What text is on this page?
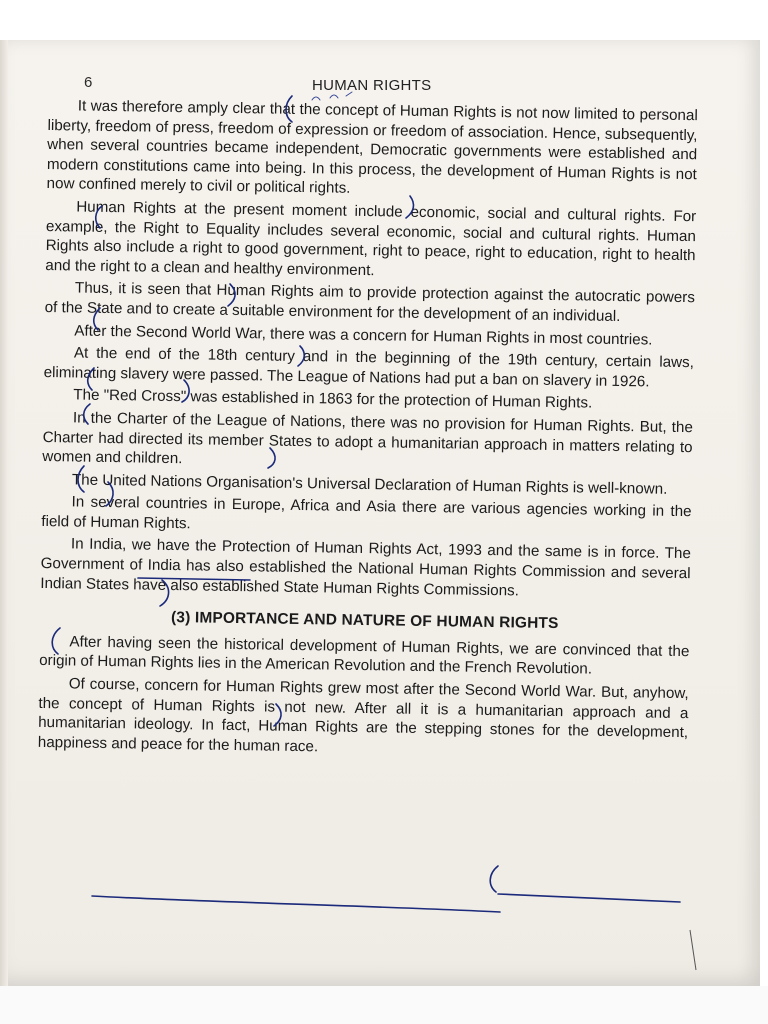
6	HUMAN RIGHTS

It was therefore amply clear that the concept of Human Rights is not now limited to personal liberty, freedom of press, freedom of expression or freedom of association. Hence, subsequently, when several countries became independent, Democratic governments were established and modern constitutions came into being. In this process, the development of Human Rights is not now confined merely to civil or political rights.

Human Rights at the present moment include economic, social and cultural rights. For example, the Right to Equality includes several economic, social and cultural rights. Human Rights also include a right to good government, right to peace, right to education, right to health and the right to a clean and healthy environment.

Thus, it is seen that Human Rights aim to provide protection against the autocratic powers of the State and to create a suitable environment for the development of an individual.

After the Second World War, there was a concern for Human Rights in most countries.

At the end of the 18th century and in the beginning of the 19th century, certain laws, eliminating slavery were passed. The League of Nations had put a ban on slavery in 1926.

The "Red Cross" was established in 1863 for the protection of Human Rights.

In the Charter of the League of Nations, there was no provision for Human Rights. But, the Charter had directed its member States to adopt a humanitarian approach in matters relating to women and children.

The United Nations Organisation's Universal Declaration of Human Rights is well-known.

In several countries in Europe, Africa and Asia there are various agencies working in the field of Human Rights.

In India, we have the Protection of Human Rights Act, 1993 and the same is in force. The Government of India has also established the National Human Rights Commission and several Indian States have also established State Human Rights Commissions.

(3) IMPORTANCE AND NATURE OF HUMAN RIGHTS

After having seen the historical development of Human Rights, we are convinced that the origin of Human Rights lies in the American Revolution and the French Revolution.

Of course, concern for Human Rights grew most after the Second World War. But, anyhow, the concept of Human Rights is not new. After all it is a humanitarian approach and a humanitarian ideology. In fact, Human Rights are the stepping stones for the development, happiness and peace for the human race.
